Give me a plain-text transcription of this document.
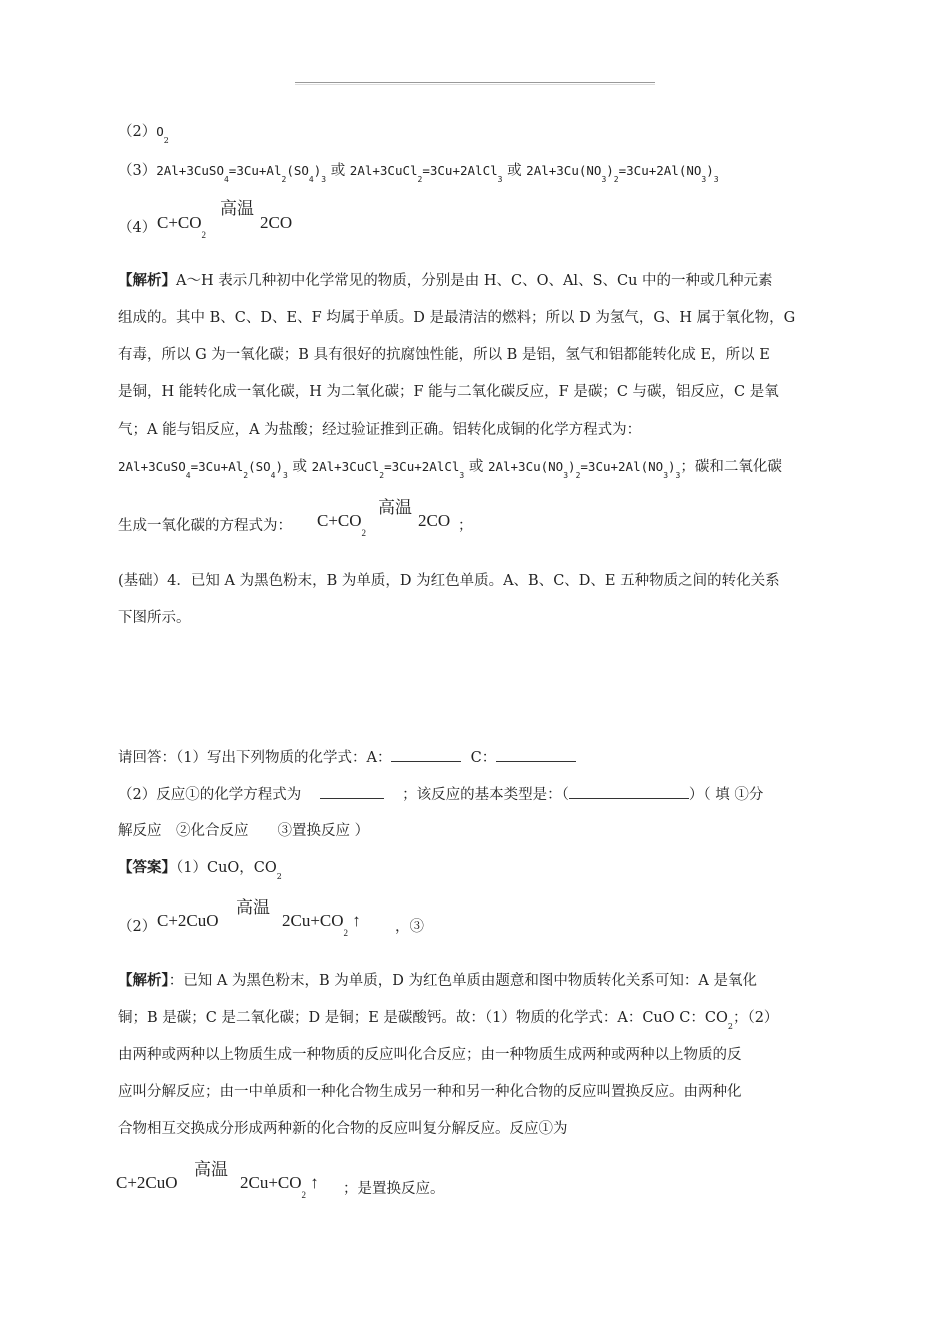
$(2)O_2$
$(3)2Al+3CuSO_4=3Cu+Al_2(SO_4)_3$ 或 2Al+3CuCl$_2$=3Cu+2AlCl$_3$ 或 $2Al+3Cu(NO_3)_2=3Cu+2Al(NO_3)_3$
（4） $C+CO_2$
高温
2CO
【解析】A～H 表示几种初中化学常见的物质，分别是由 H、C、O、Al、S、Cu 中的一种或几种元素
组成的。其中 B、C、D、E、F 均属于单质。D 是最清洁的燃料；所以 D 为氢气，G、H 属于氧化物，G
有毒，所以 G 为一氧化碳；B 具有很好的抗腐蚀性能，所以 B 是铝，氢气和铝都能转化成 E，所以 E
是铜，H 能转化成一氧化碳，H 为二氧化碳；F 能与二氧化碳反应，F 是碳；C 与碳，铝反应，C 是氧
气；A 能与铝反应，A 为盐酸；经过验证推到正确。铝转化成铜的化学方程式为：
$2Al+3CuSO_4=3Cu+Al_2(SO_4)_3$ 或 2Al+3CuCl$_2$=3Cu+2AlCl$_3$ 或 $2Al+3Cu(NO_3)_2=3Cu+2Al(NO_3)_3$；碳和二氧化碳
生成一氧化碳的方程式为： $C+CO_2$
高温
2CO ；
(基础）4．已知 A 为黑色粉末，B 为单质，D 为红色单质。A、B、C、D、E 五种物质之间的转化关系
下图所示。
请回答：（1）写出下列物质的化学式：A：	C：
（2）反应①的化学方程式为	；该反应的基本类型是：（	）（ 填 ①分
解反应　②化合反应　　③置换反应 ）
【答案】（1）CuO，$CO_2$
（2） C+2CuO
高温
$2Cu+CO_2$ ↑ ，③
【解析】：已知 A 为黑色粉末，B 为单质，D 为红色单质由题意和图中物质转化关系可知：A 是氧化
铜；B 是碳；C 是二氧化碳；D 是铜；E 是碳酸钙。故：（1）物质的化学式：A：CuO C：$CO_2$；（2）
由两种或两种以上物质生成一种物质的反应叫化合反应；由一种物质生成两种或两种以上物质的反
应叫分解反应；由一中单质和一种化合物生成另一种和另一种化合物的反应叫置换反应。由两种化
合物相互交换成分形成两种新的化合物的反应叫复分解反应。反应①为
C+2CuO
高温
$2Cu+CO_2$ ↑ ；是置换反应。
